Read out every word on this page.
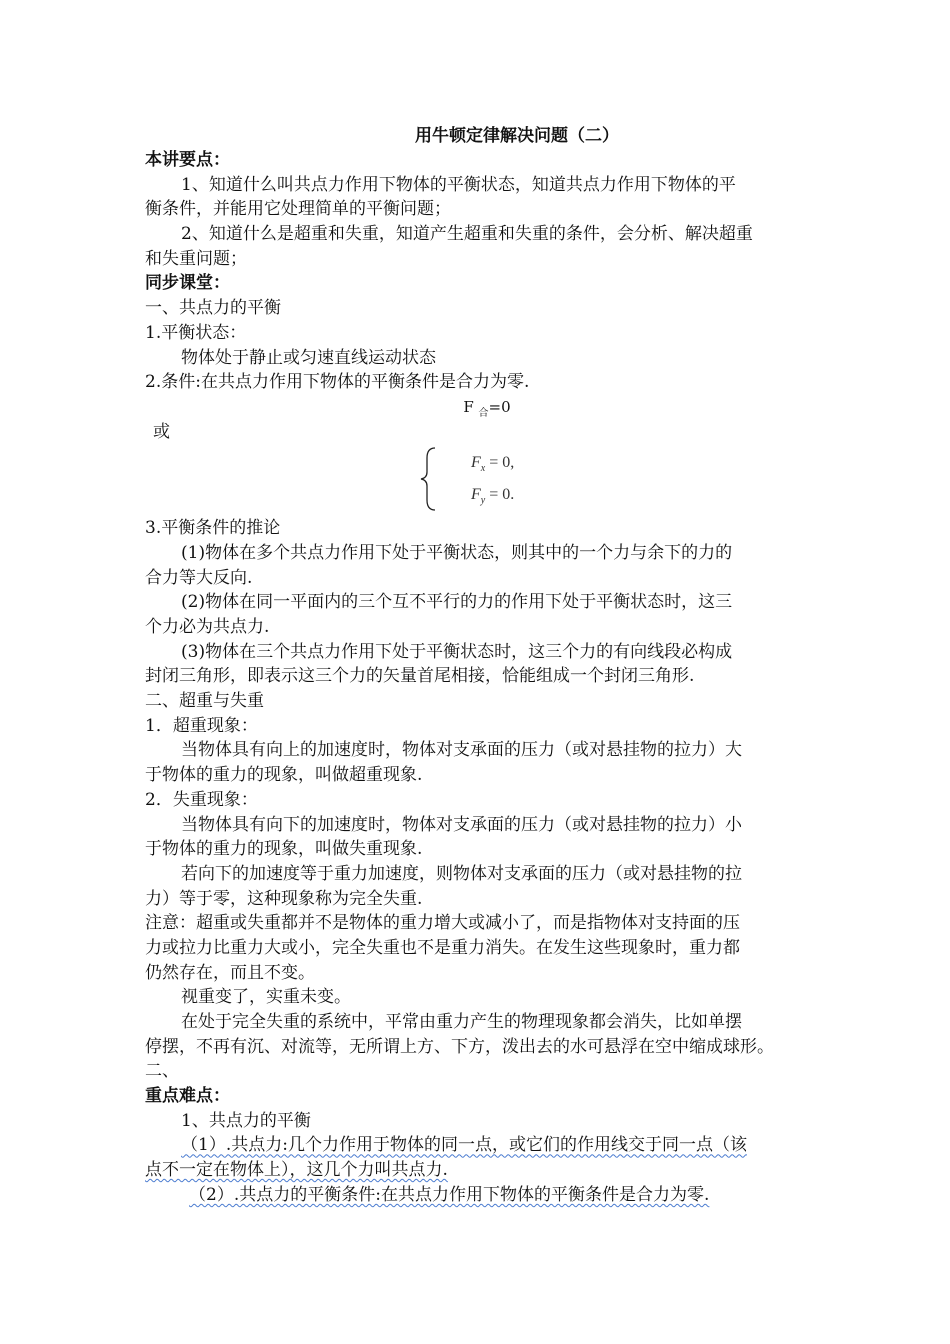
用牛顿定律解决问题（二）
本讲要点：
1、知道什么叫共点力作用下物体的平衡状态，知道共点力作用下物体的平
衡条件，并能用它处理简单的平衡问题；
2、知道什么是超重和失重，知道产生超重和失重的条件，会分析、解决超重
和失重问题；
同步课堂：
一、共点力的平衡
1.平衡状态：
物体处于静止或匀速直线运动状态
2.条件:在共点力作用下物体的平衡条件是合力为零.
F $_合$=0
或
$F_x = 0$,
$F_y = 0$.
3.平衡条件的推论
(1)物体在多个共点力作用下处于平衡状态，则其中的一个力与余下的力的
合力等大反向.
(2)物体在同一平面内的三个互不平行的力的作用下处于平衡状态时，这三
个力必为共点力.
(3)物体在三个共点力作用下处于平衡状态时，这三个力的有向线段必构成
封闭三角形，即表示这三个力的矢量首尾相接，恰能组成一个封闭三角形.
二、超重与失重
1．超重现象：
当物体具有向上的加速度时，物体对支承面的压力（或对悬挂物的拉力）大
于物体的重力的现象，叫做超重现象.
2．失重现象：
当物体具有向下的加速度时，物体对支承面的压力（或对悬挂物的拉力）小
于物体的重力的现象，叫做失重现象.
若向下的加速度等于重力加速度，则物体对支承面的压力（或对悬挂物的拉
力）等于零，这种现象称为完全失重.
注意：超重或失重都并不是物体的重力增大或减小了，而是指物体对支持面的压
力或拉力比重力大或小，完全失重也不是重力消失。在发生这些现象时，重力都
仍然存在，而且不变。
视重变了，实重未变。
在处于完全失重的系统中，平常由重力产生的物理现象都会消失，比如单摆
停摆，不再有沉、对流等，无所谓上方、下方，泼出去的水可悬浮在空中缩成球形。
二、
重点难点：
1、共点力的平衡
（1）.共点力:几个力作用于物体的同一点，或它们的作用线交于同一点（该
点不一定在物体上），这几个力叫共点力.
（2）.共点力的平衡条件:在共点力作用下物体的平衡条件是合力为零.
